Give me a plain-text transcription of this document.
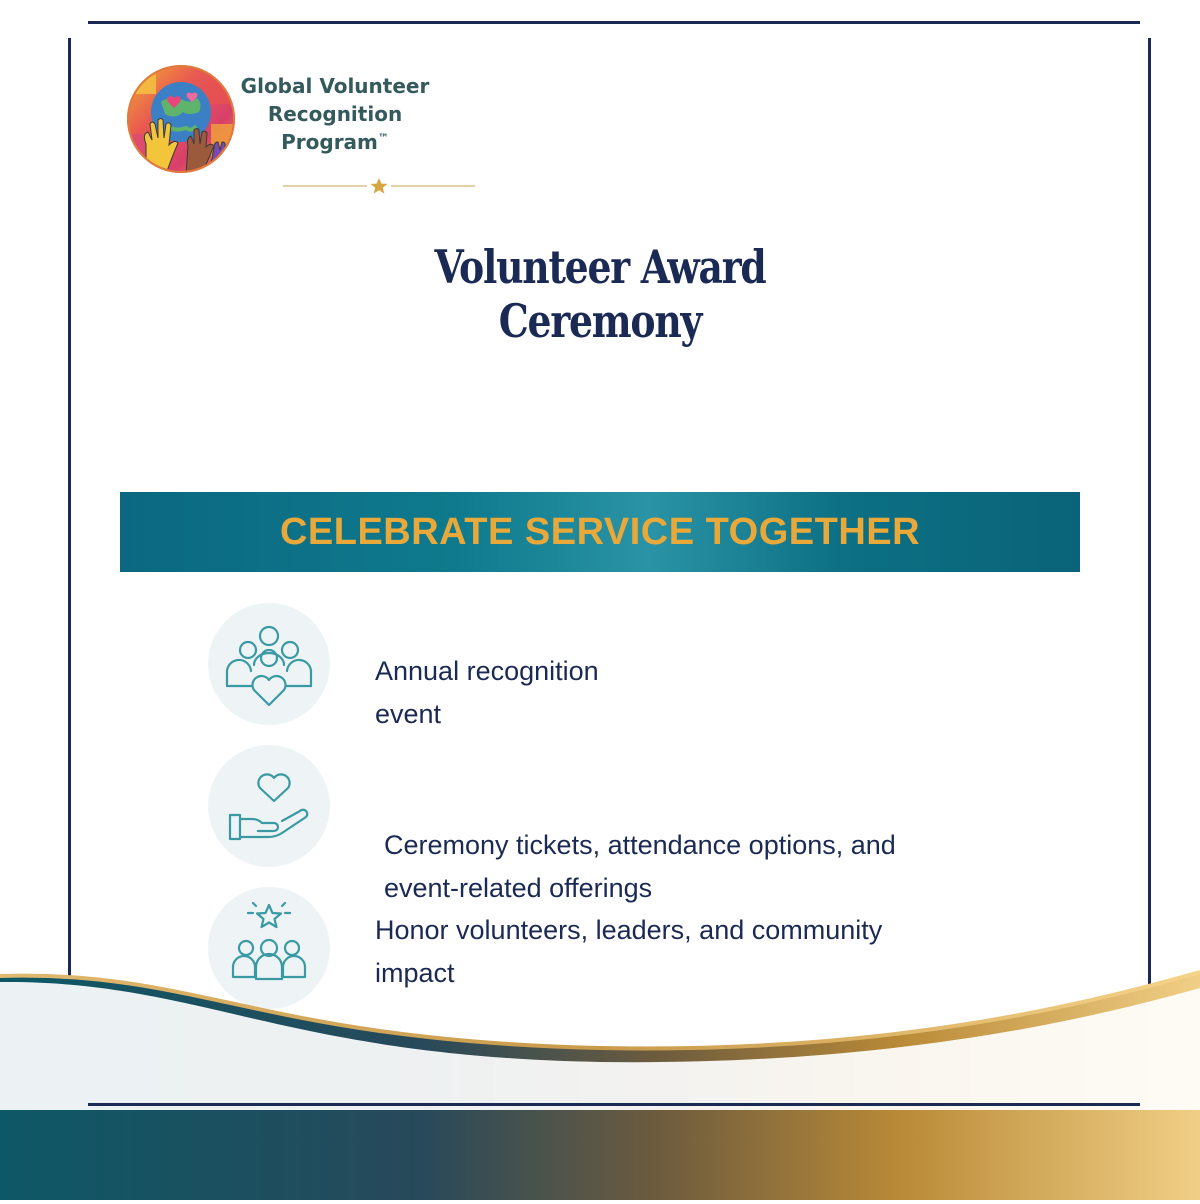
Global Volunteer
Recognition
Program™
Volunteer Award
Ceremony
CELEBRATE SERVICE TOGETHER
Annual recognition
event
Ceremony tickets, attendance options, and
event-related offerings
Honor volunteers, leaders, and community
impact
